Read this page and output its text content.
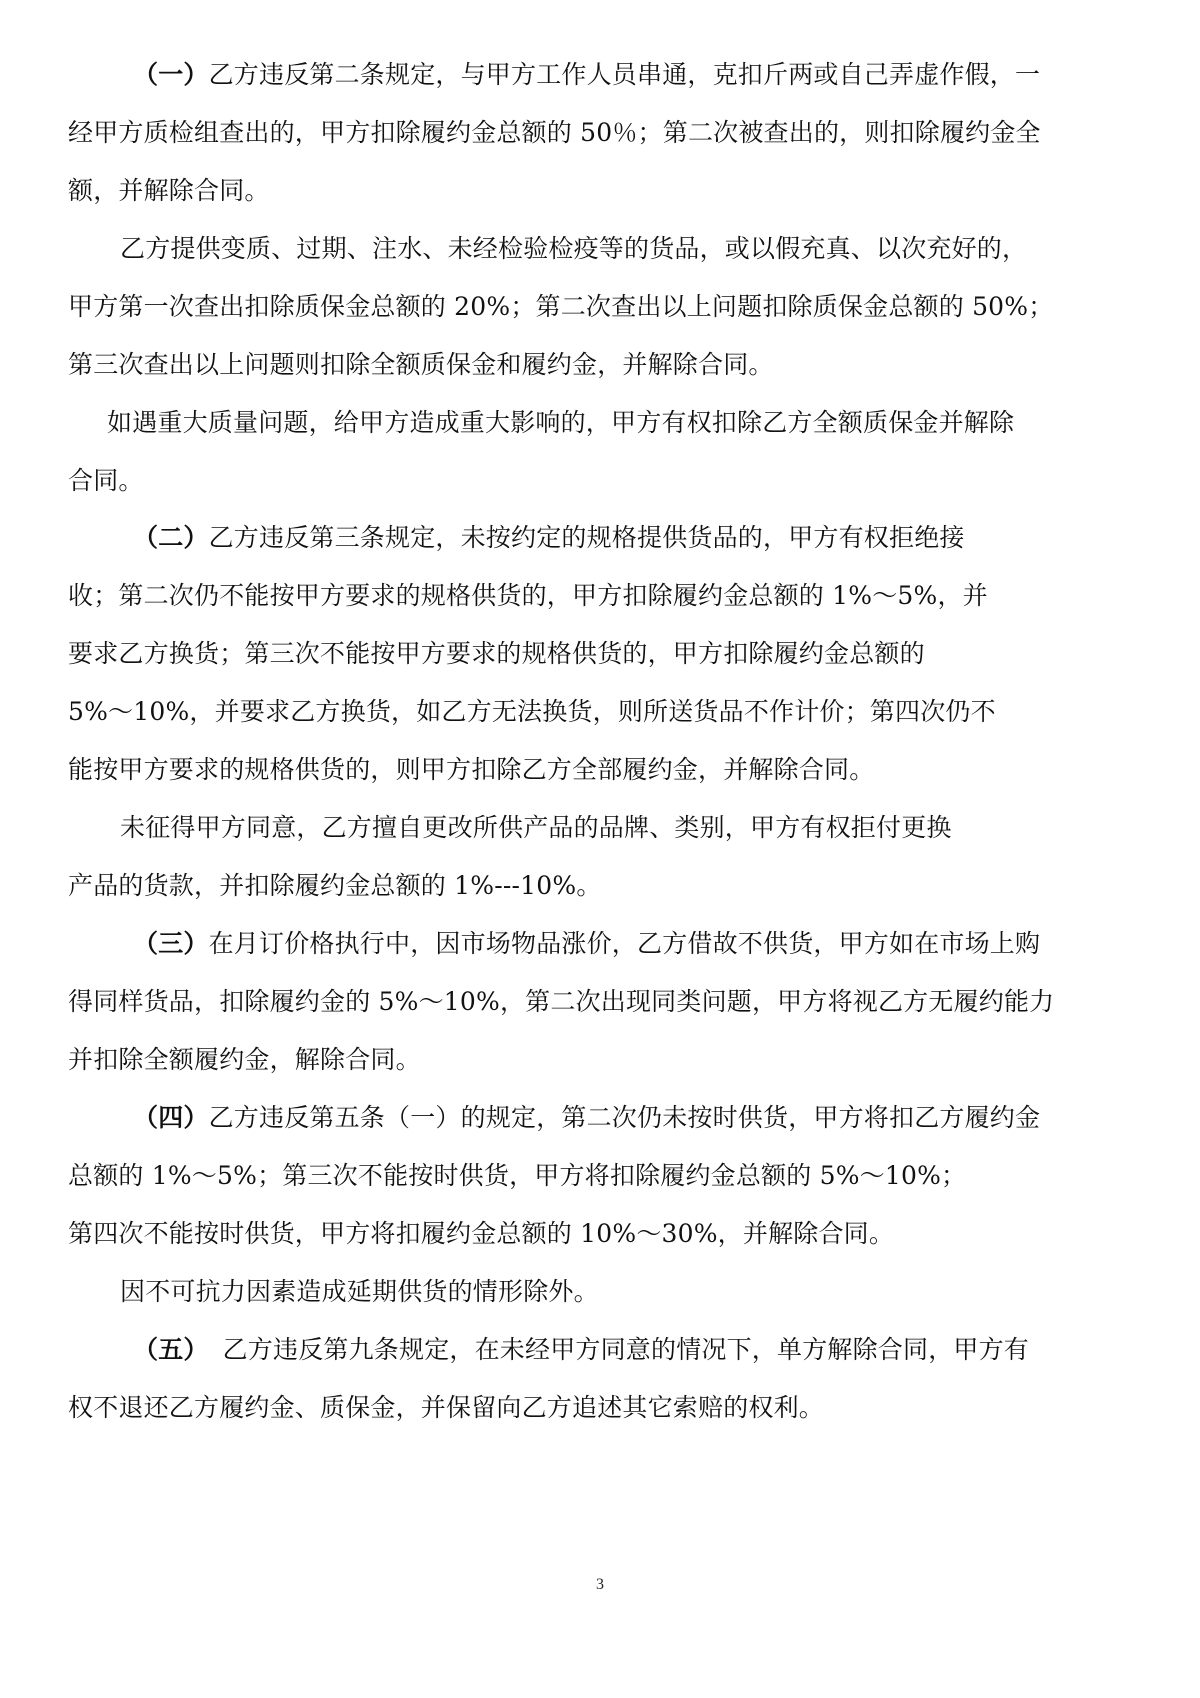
（一）乙方违反第二条规定，与甲方工作人员串通，克扣斤两或自己弄虚作假，一
经甲方质检组查出的，甲方扣除履约金总额的 50％；第二次被查出的，则扣除履约金全
额，并解除合同。
乙方提供变质、过期、注水、未经检验检疫等的货品，或以假充真、以次充好的，
甲方第一次查出扣除质保金总额的 20%；第二次查出以上问题扣除质保金总额的 50%；
第三次查出以上问题则扣除全额质保金和履约金，并解除合同。
如遇重大质量问题，给甲方造成重大影响的，甲方有权扣除乙方全额质保金并解除
合同。
（二）乙方违反第三条规定，未按约定的规格提供货品的，甲方有权拒绝接
收；第二次仍不能按甲方要求的规格供货的，甲方扣除履约金总额的 1%～5%，并
要求乙方换货；第三次不能按甲方要求的规格供货的，甲方扣除履约金总额的
5%～10%，并要求乙方换货，如乙方无法换货，则所送货品不作计价；第四次仍不
能按甲方要求的规格供货的，则甲方扣除乙方全部履约金，并解除合同。
未征得甲方同意，乙方擅自更改所供产品的品牌、类别，甲方有权拒付更换
产品的货款，并扣除履约金总额的 1%---10%。
（三）在月订价格执行中，因市场物品涨价，乙方借故不供货，甲方如在市场上购
得同样货品，扣除履约金的 5%～10%，第二次出现同类问题，甲方将视乙方无履约能力
并扣除全额履约金，解除合同。
（四）乙方违反第五条（一）的规定，第二次仍未按时供货，甲方将扣乙方履约金
总额的 1%～5%；第三次不能按时供货，甲方将扣除履约金总额的 5%～10%；
第四次不能按时供货，甲方将扣履约金总额的 10%～30%，并解除合同。
因不可抗力因素造成延期供货的情形除外。
（五） 乙方违反第九条规定，在未经甲方同意的情况下，单方解除合同，甲方有
权不退还乙方履约金、质保金，并保留向乙方追述其它索赔的权利。
3
